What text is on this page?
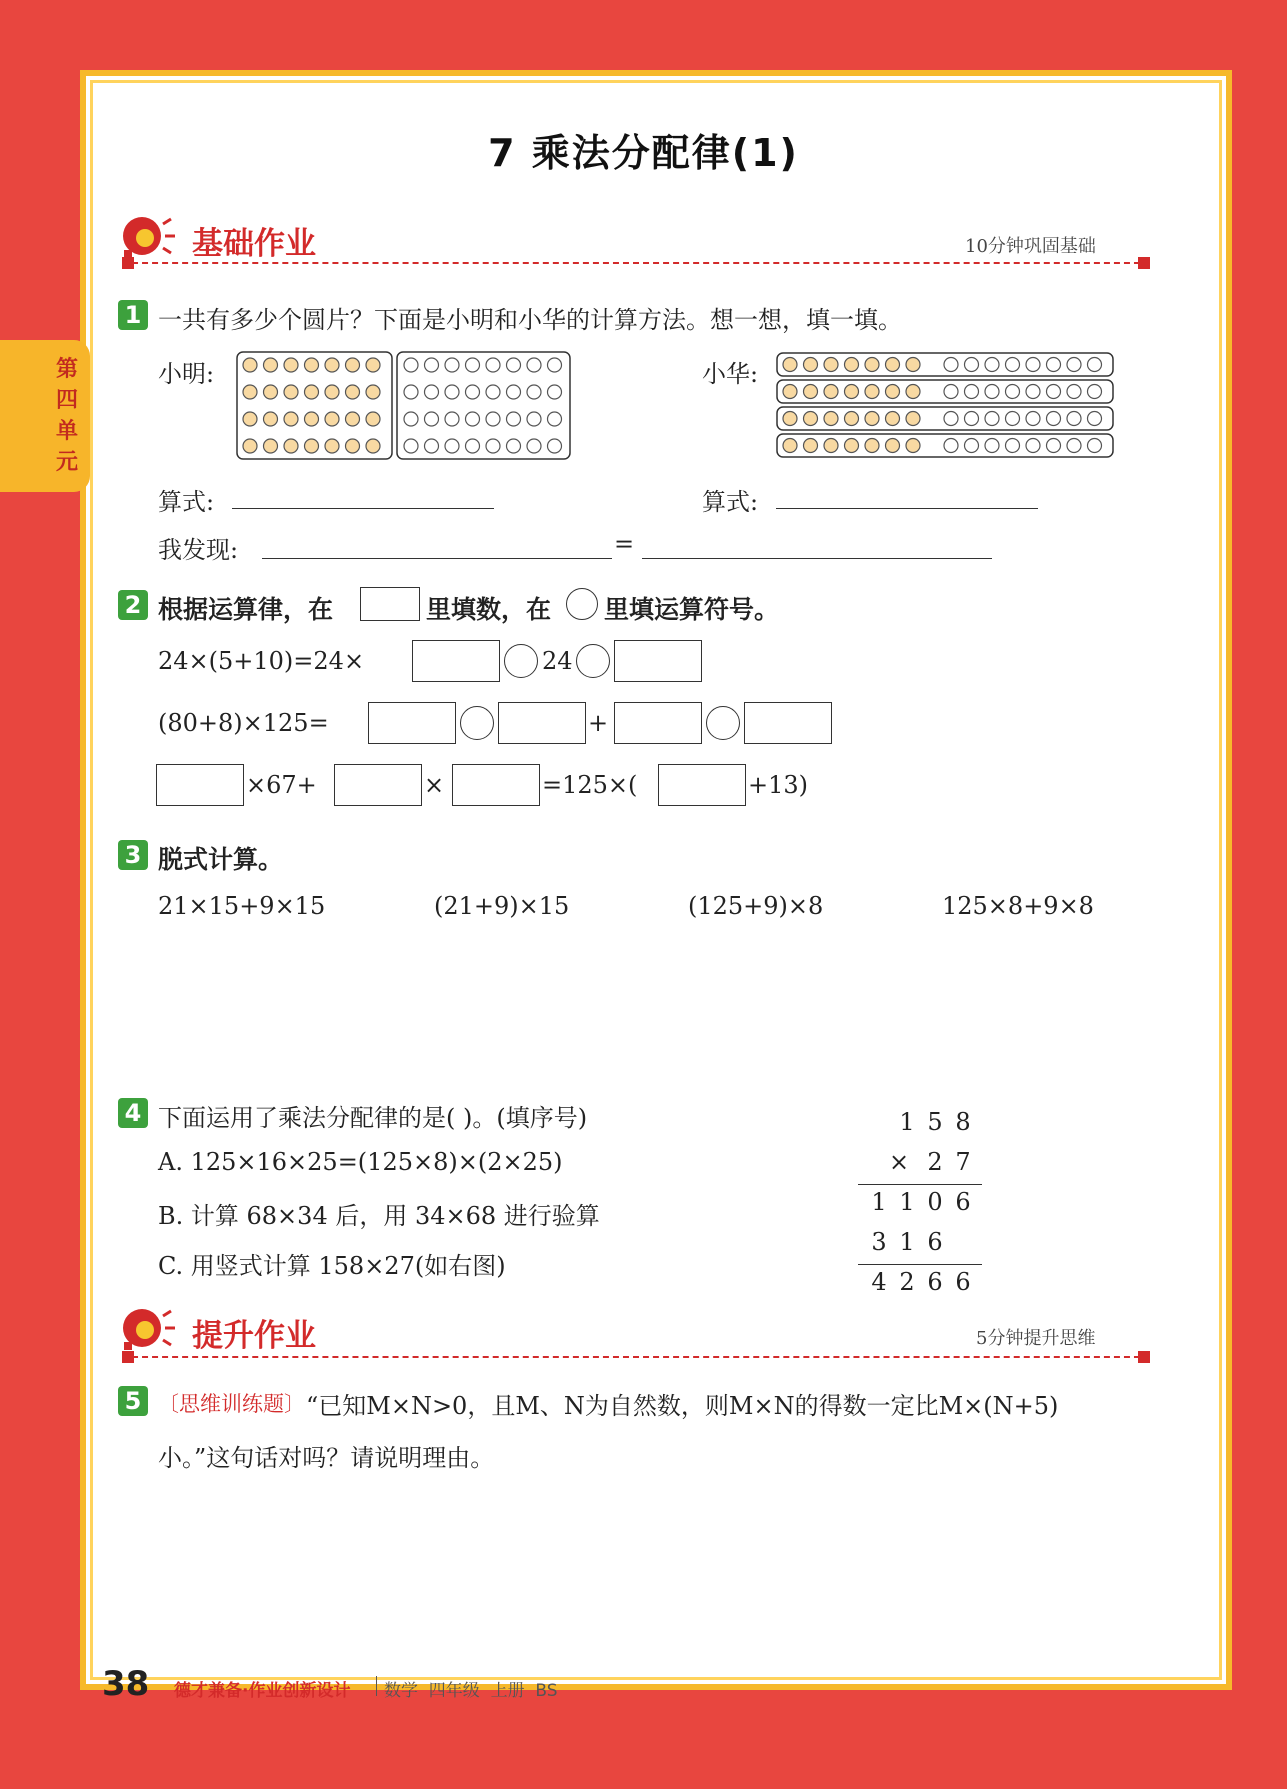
第四单元
7 乘法分配律(1)
基础作业	10分钟巩固基础
1 一共有多少个圆片？下面是小明和小华的计算方法。想一想，填一填。
小明:	小华:
算式:	算式:
我发现:	=
2 根据运算律，在	里填数，在 里填运算符号。
24×(5+10)=24×	24
(80+8)×125=	+
×67+	×	=125×(	+13)
3 脱式计算。
21×15+9×15	(21+9)×15	(125+9)×8	125×8+9×8
4 下面运用了乘法分配律的是( )。(填序号)
A. 125×16×25=(125×8)×(2×25)
B. 计算 68×34 后，用 34×68 进行验算
C. 用竖式计算 158×27(如右图)
1 5 8
× 2 7
1 1 0 6
3 1 6
4 2 6 6
提升作业	5分钟提升思维
5 〔思维训练题〕 “已知M×N>0，且M、N为自然数，则M×N的得数一定比M×(N+5)
小。”这句话对吗？请说明理由。
38 德才兼备·作业创新设计 数学  四年级  上册  BS
